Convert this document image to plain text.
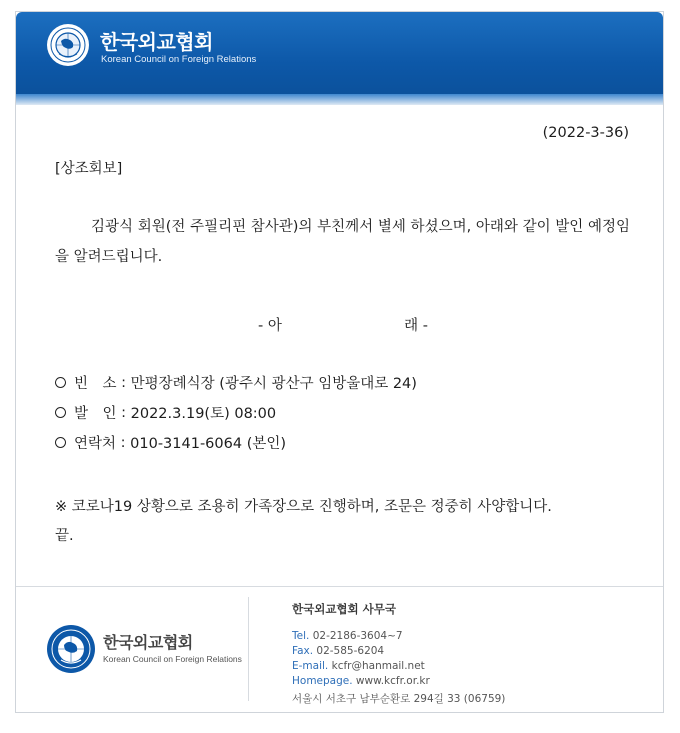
한국외교협회
Korean Council on Foreign Relations
(2022-3-36)
[상조회보]
김광식 회원(전 주필리핀 참사관)의 부친께서 별세 하셨으며, 아래와 같이 발인 예정임을 알려드립니다.
- 아	래 -
빈　소 : 만평장례식장 (광주시 광산구 임방울대로 24)
발　인 : 2022.3.19(토) 08:00
연락처 : 010-3141-6064 (본인)
※ 코로나19 상황으로 조용히 가족장으로 진행하며, 조문은 정중히 사양합니다.
끝.
한국외교협회
Korean Council on Foreign Relations
한국외교협회 사무국
Tel. 02-2186-3604~7
Fax. 02-585-6204
E-mail. kcfr@hanmail.net
Homepage. www.kcfr.or.kr
서울시 서초구 남부순환로 294길 33 (06759)
